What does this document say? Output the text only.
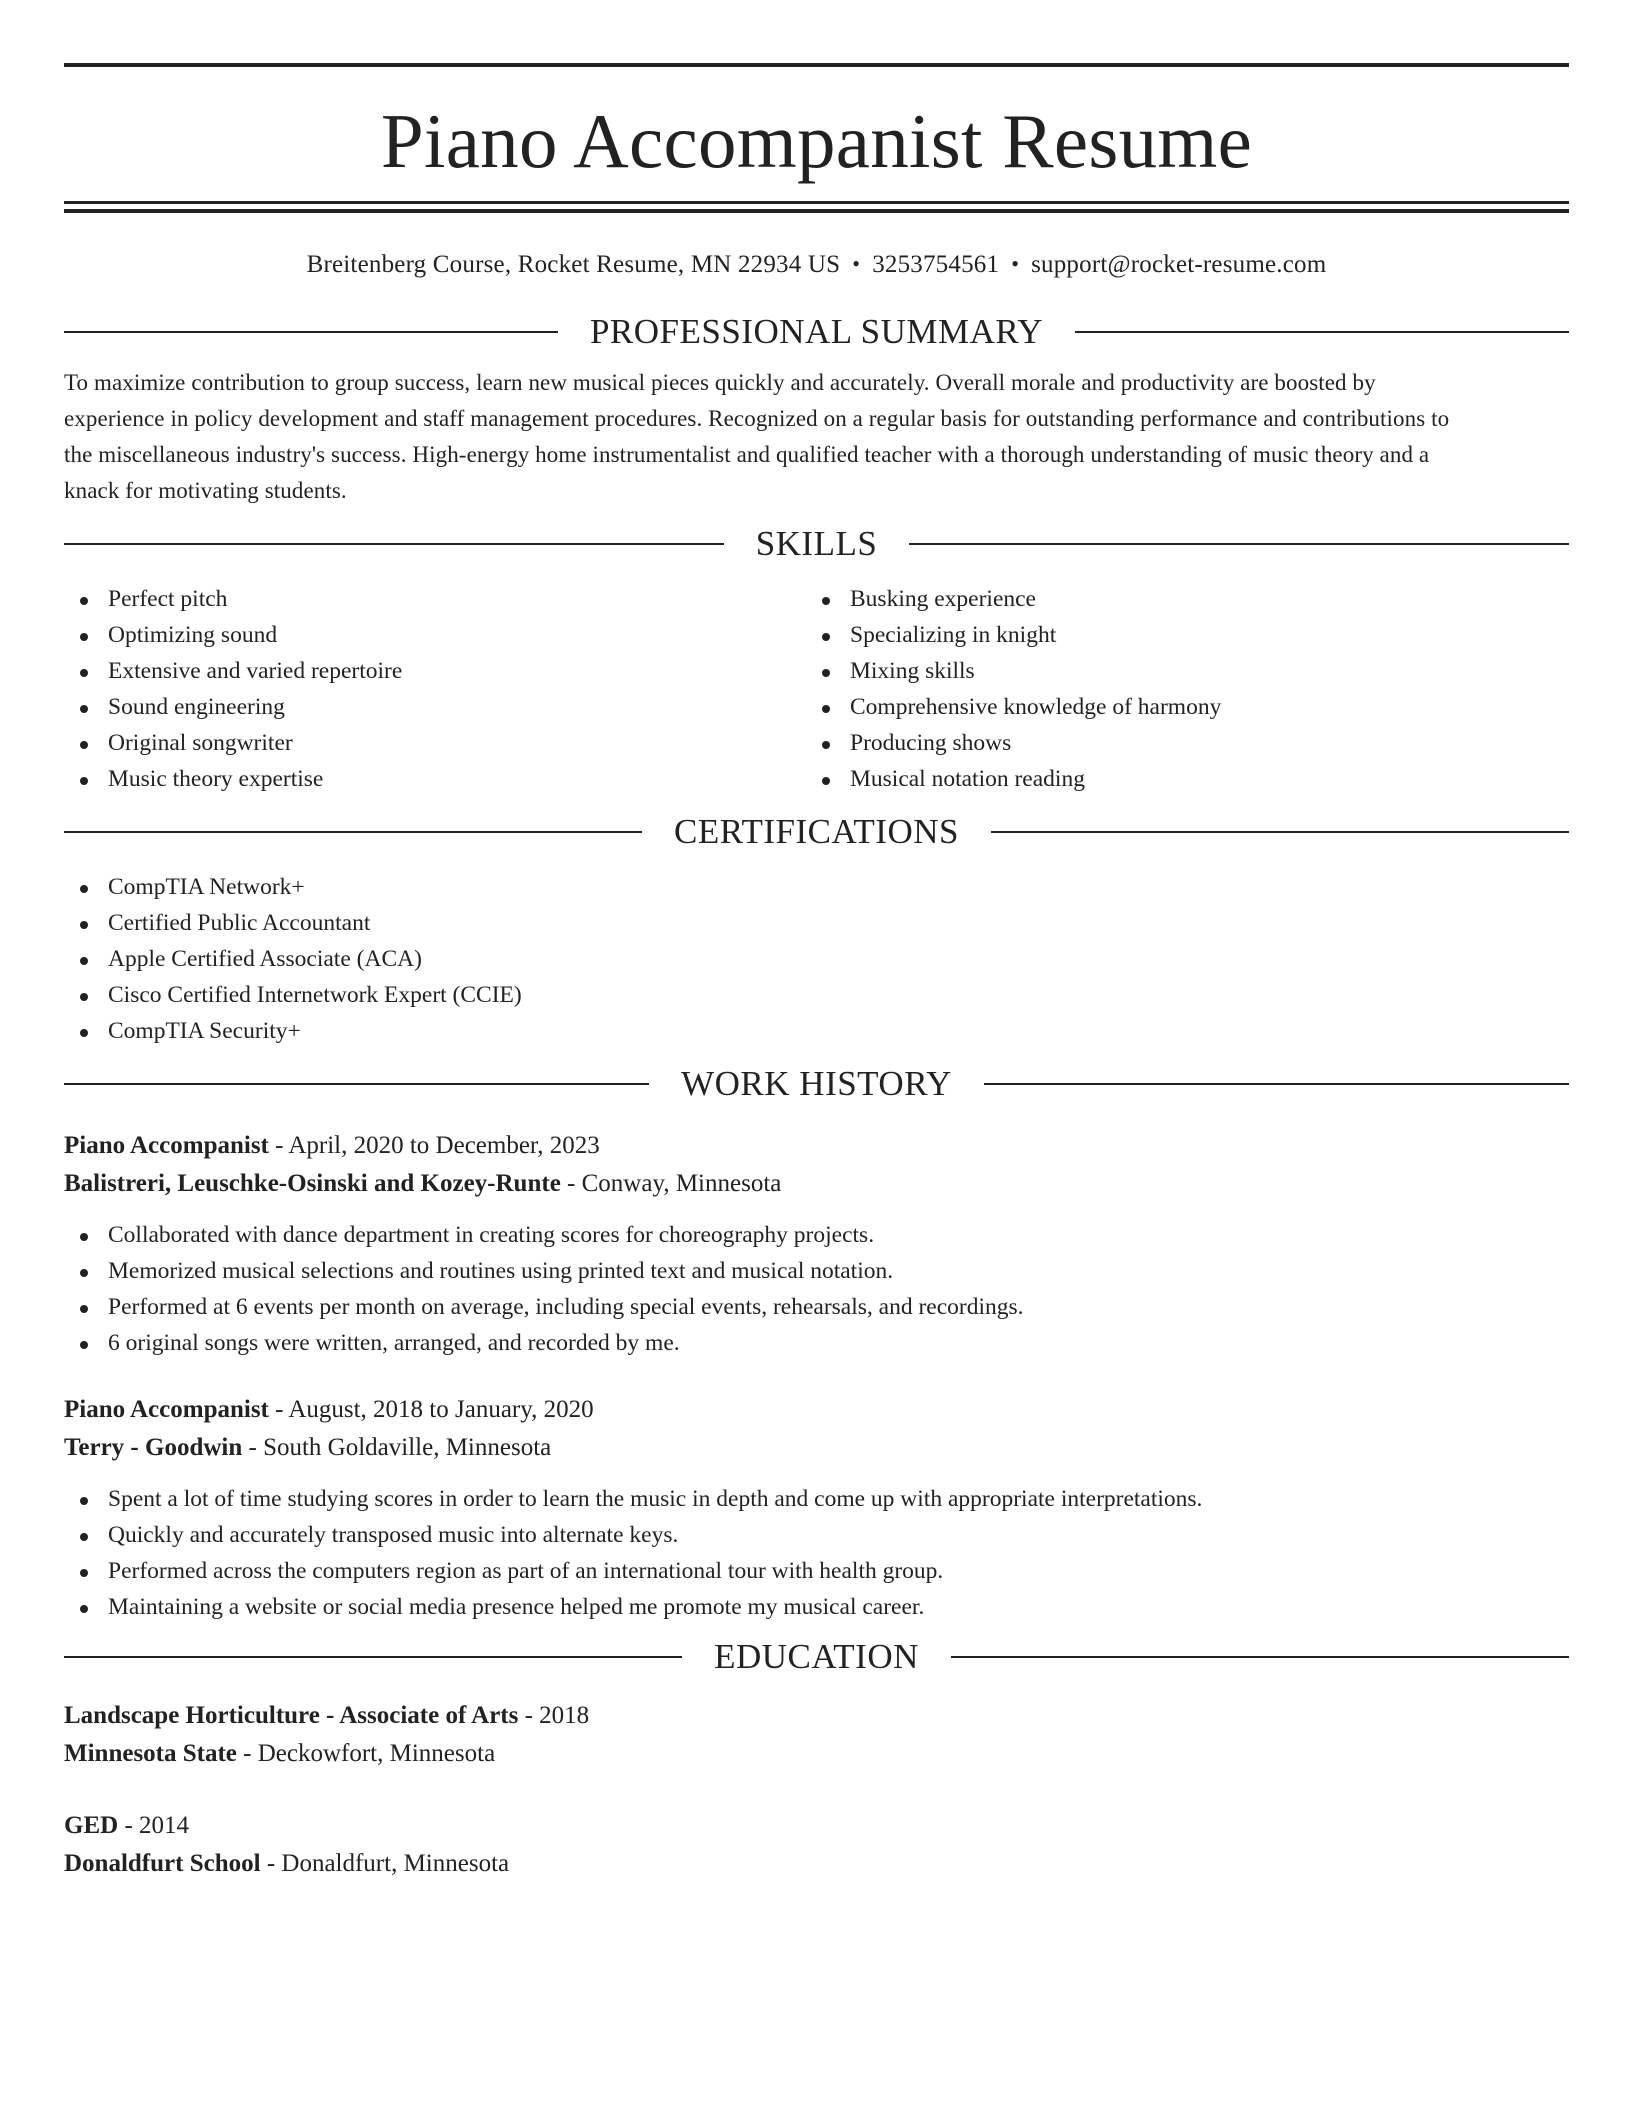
Piano Accompanist Resume
Breitenberg Course, Rocket Resume, MN 22934 US • 3253754561 • support@rocket-resume.com
PROFESSIONAL SUMMARY
To maximize contribution to group success, learn new musical pieces quickly and accurately. Overall morale and productivity are boosted by
experience in policy development and staff management procedures. Recognized on a regular basis for outstanding performance and contributions to
the miscellaneous industry's success. High-energy home instrumentalist and qualified teacher with a thorough understanding of music theory and a
knack for motivating students.
SKILLS
Perfect pitch
Optimizing sound
Extensive and varied repertoire
Sound engineering
Original songwriter
Music theory expertise
Busking experience
Specializing in knight
Mixing skills
Comprehensive knowledge of harmony
Producing shows
Musical notation reading
CERTIFICATIONS
CompTIA Network+
Certified Public Accountant
Apple Certified Associate (ACA)
Cisco Certified Internetwork Expert (CCIE)
CompTIA Security+
WORK HISTORY
Piano Accompanist - April, 2020 to December, 2023
Balistreri, Leuschke-Osinski and Kozey-Runte - Conway, Minnesota
Collaborated with dance department in creating scores for choreography projects.
Memorized musical selections and routines using printed text and musical notation.
Performed at 6 events per month on average, including special events, rehearsals, and recordings.
6 original songs were written, arranged, and recorded by me.
Piano Accompanist - August, 2018 to January, 2020
Terry - Goodwin - South Goldaville, Minnesota
Spent a lot of time studying scores in order to learn the music in depth and come up with appropriate interpretations.
Quickly and accurately transposed music into alternate keys.
Performed across the computers region as part of an international tour with health group.
Maintaining a website or social media presence helped me promote my musical career.
EDUCATION
Landscape Horticulture - Associate of Arts - 2018
Minnesota State - Deckowfort, Minnesota
GED - 2014
Donaldfurt School - Donaldfurt, Minnesota
